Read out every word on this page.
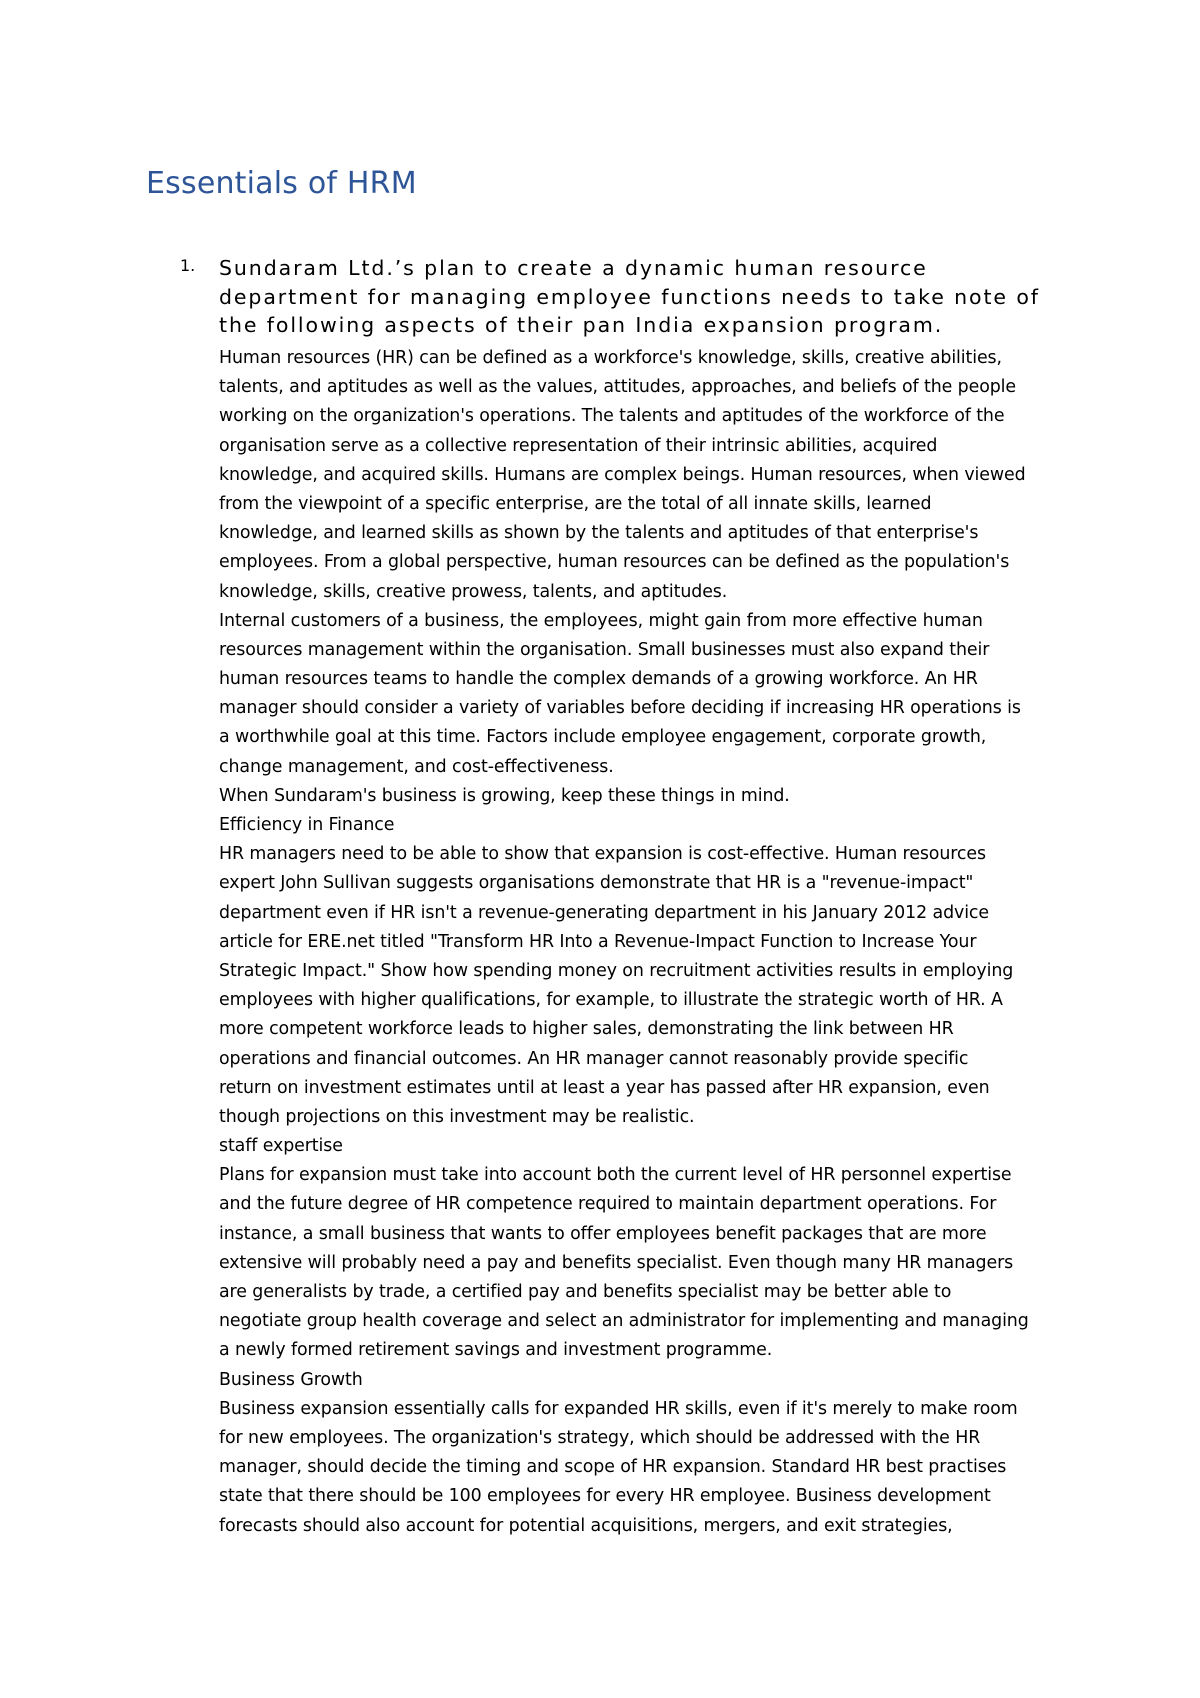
Essentials of HRM
1. Sundaram Ltd.’s plan to create a dynamic human resource
department for managing employee functions needs to take note of
the following aspects of their pan India expansion program.
Human resources (HR) can be defined as a workforce's knowledge, skills, creative abilities,
talents, and aptitudes as well as the values, attitudes, approaches, and beliefs of the people
working on the organization's operations. The talents and aptitudes of the workforce of the
organisation serve as a collective representation of their intrinsic abilities, acquired
knowledge, and acquired skills. Humans are complex beings. Human resources, when viewed
from the viewpoint of a specific enterprise, are the total of all innate skills, learned
knowledge, and learned skills as shown by the talents and aptitudes of that enterprise's
employees. From a global perspective, human resources can be defined as the population's
knowledge, skills, creative prowess, talents, and aptitudes.
Internal customers of a business, the employees, might gain from more effective human
resources management within the organisation. Small businesses must also expand their
human resources teams to handle the complex demands of a growing workforce. An HR
manager should consider a variety of variables before deciding if increasing HR operations is
a worthwhile goal at this time. Factors include employee engagement, corporate growth,
change management, and cost-effectiveness.
When Sundaram's business is growing, keep these things in mind.
Efficiency in Finance
HR managers need to be able to show that expansion is cost-effective. Human resources
expert John Sullivan suggests organisations demonstrate that HR is a "revenue-impact"
department even if HR isn't a revenue-generating department in his January 2012 advice
article for ERE.net titled "Transform HR Into a Revenue-Impact Function to Increase Your
Strategic Impact." Show how spending money on recruitment activities results in employing
employees with higher qualifications, for example, to illustrate the strategic worth of HR. A
more competent workforce leads to higher sales, demonstrating the link between HR
operations and financial outcomes. An HR manager cannot reasonably provide specific
return on investment estimates until at least a year has passed after HR expansion, even
though projections on this investment may be realistic.
staff expertise
Plans for expansion must take into account both the current level of HR personnel expertise
and the future degree of HR competence required to maintain department operations. For
instance, a small business that wants to offer employees benefit packages that are more
extensive will probably need a pay and benefits specialist. Even though many HR managers
are generalists by trade, a certified pay and benefits specialist may be better able to
negotiate group health coverage and select an administrator for implementing and managing
a newly formed retirement savings and investment programme.
Business Growth
Business expansion essentially calls for expanded HR skills, even if it's merely to make room
for new employees. The organization's strategy, which should be addressed with the HR
manager, should decide the timing and scope of HR expansion. Standard HR best practises
state that there should be 100 employees for every HR employee. Business development
forecasts should also account for potential acquisitions, mergers, and exit strategies,
